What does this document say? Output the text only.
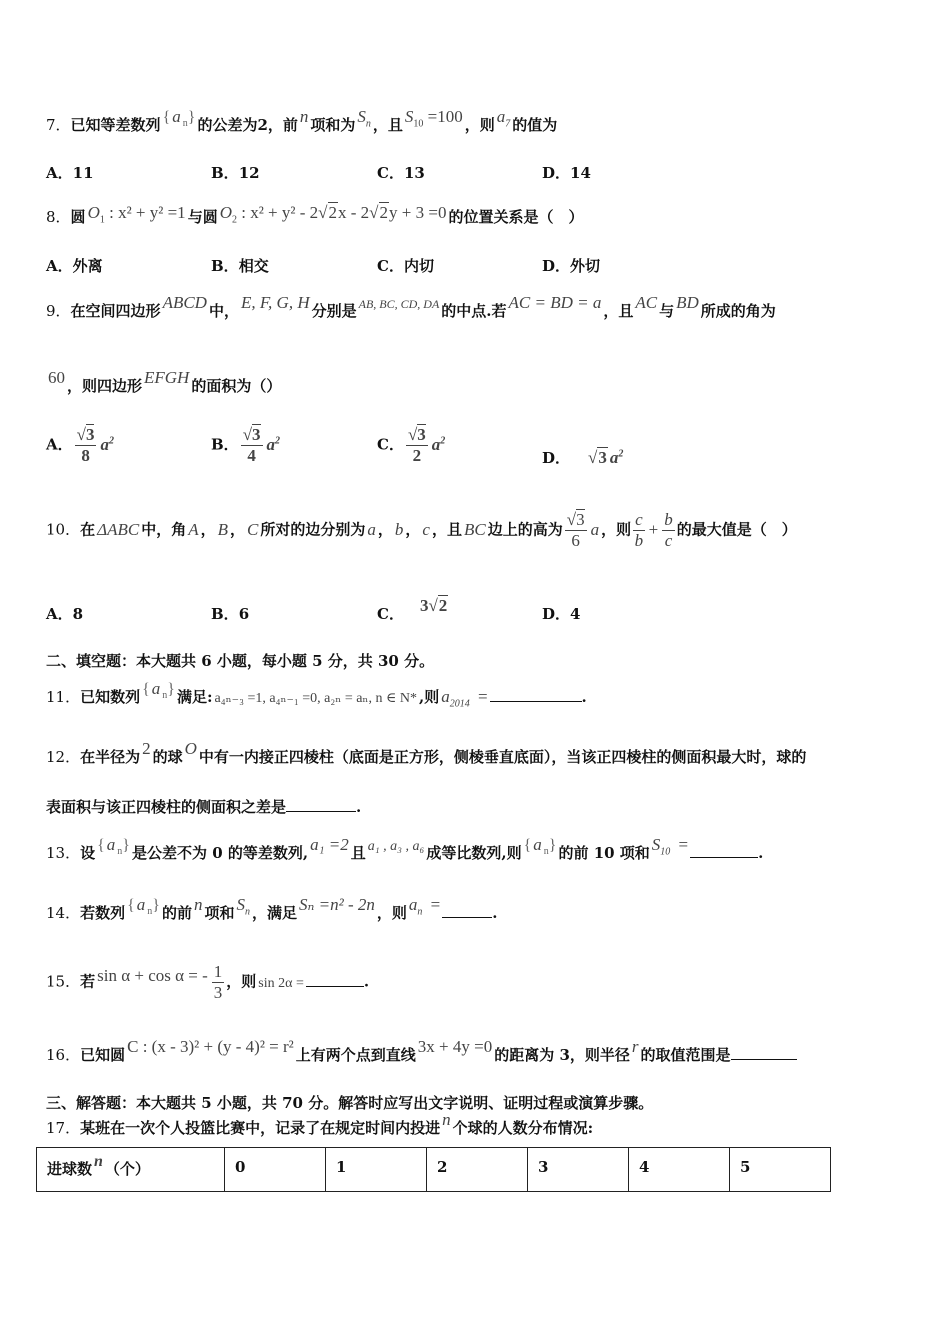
7．已知等差数列 { a $_n$} 的公差为2，前 n 项和为 $S_n$ ，且 $S_{10} =100$ ，则 $a_7$ 的值为
A．11	B．12	C．13	D．14
8．圆 $O_1$ : x² + y² =1 与圆 $O_2$ : x² + y² - 2√2x - 2√2y + 3 =0 的位置关系是（　）
A．外离	B．相交	C．内切	D．外切
9．在空间四边形 ABCD 中， E, F, G, H 分别是 $^{AB, BC, CD, DA}$ 的中点.若 AC = BD = a ，且 AC 与 BD 所成的角为
60 ，则四边形 EFGH 的面积为（）
A． $\frac{√3}{8} a^2$	B． $\frac{√3}{4} a^2$	C． $\frac{√3}{2} a^2$
D． √3 $a^2$
10．在 ΔABC 中，角 A ， B ， C 所对的边分别为 a ， b ， c ，且 BC 边上的高为 $\frac{√3}{6}$ a ，则 $\frac{c}{b} + \frac{b}{c}$ 的最大值是（　）
A．8	B．6	C． 3√2	D．4
二、填空题：本大题共 6 小题，每小题 5 分，共 30 分。
11．已知数列 { a $_n$} 满足: a₄ₙ₋₃ =1, a₄ₙ₋₁ =0, a₂ₙ = aₙ, n ∈ N* ,则 $a_{2014}$ =	.
12．在半径为 2 的球 O 中有一内接正四棱柱（底面是正方形，侧棱垂直底面），当该正四棱柱的侧面积最大时，球的
表面积与该正四棱柱的侧面积之差是	.
13．设 { a $_n$} 是公差不为 0 的等差数列, a₁ =2 且 a₁ , a₃ , a₆ 成等比数列,则 { a $_n$} 的前 10 项和 $S_{10}$ =	.
14．若数列 { a $_n$} 的前 n 项和 $S_n$ ，满足 Sₙ =n² - 2n ，则 $a_n$ =	.
15．若 sin α + cos α = - $\frac{1}{3}$ ，则 sin 2α =	.
16．已知圆 C : (x - 3)² + (y - 4)² = r² 上有两个点到直线 3x + 4y =0 的距离为 3，则半径 r 的取值范围是
三、解答题：本大题共 5 小题，共 70 分。解答时应写出文字说明、证明过程或演算步骤。
17．某班在一次个人投篮比赛中，记录了在规定时间内投进 n 个球的人数分布情况:
进球数 n （个）	0	1	2	3	4	5
